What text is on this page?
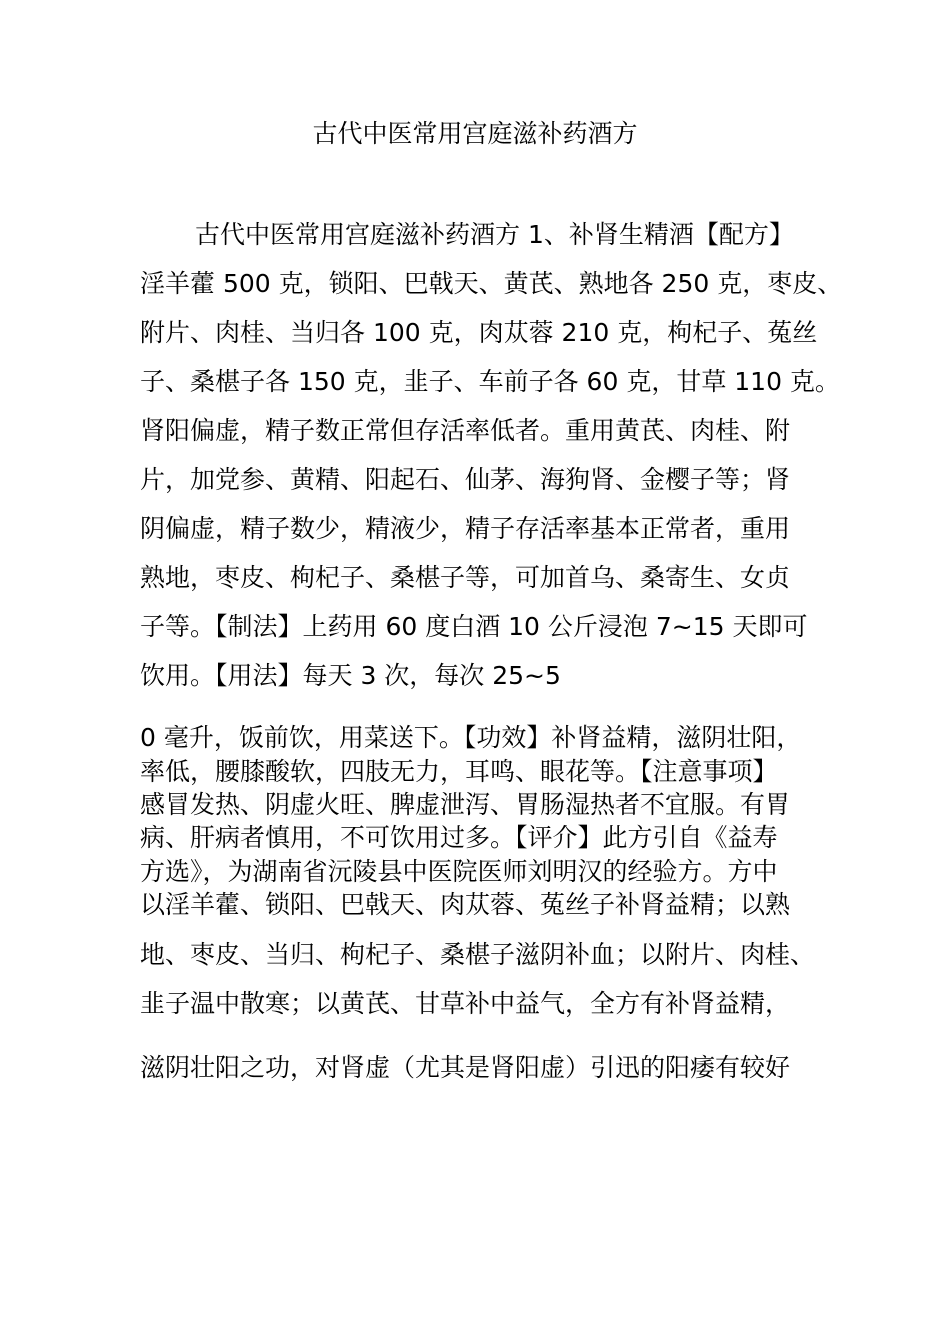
古代中医常用宫庭滋补药酒方
古代中医常用宫庭滋补药酒方 1、补肾生精酒【配方】
淫羊藿 500 克，锁阳、巴戟天、黄芪、熟地各 250 克，枣皮、
附片、肉桂、当归各 100 克，肉苁蓉 210 克，枸杞子、菟丝
子、桑椹子各 150 克，韭子、车前子各 60 克，甘草 110 克。
肾阳偏虚，精子数正常但存活率低者。重用黄芪、肉桂、附
片，加党参、黄精、阳起石、仙茅、海狗肾、金樱子等；肾
阴偏虚，精子数少，精液少，精子存活率基本正常者，重用
熟地，枣皮、枸杞子、桑椹子等，可加首乌、桑寄生、女贞
子等。【制法】上药用 60 度白酒 10 公斤浸泡 7~15 天即可
饮用。【用法】每天 3 次，每次 25~5
0 毫升，饭前饮，用菜送下。【功效】补肾益精，滋阴壮阳，
率低，腰膝酸软，四肢无力，耳鸣、眼花等。【注意事项】
感冒发热、阴虚火旺、脾虚泄泻、胃肠湿热者不宜服。有胃
病、肝病者慎用，不可饮用过多。【评介】此方引自《益寿
方选》，为湖南省沅陵县中医院医师刘明汉的经验方。方中
以淫羊藿、锁阳、巴戟天、肉苁蓉、菟丝子补肾益精；以熟
地、枣皮、当归、枸杞子、桑椹子滋阴补血；以附片、肉桂、
韭子温中散寒；以黄芪、甘草补中益气，全方有补肾益精，
滋阴壮阳之功，对肾虚（尤其是肾阳虚）引迅的阳痿有较好
